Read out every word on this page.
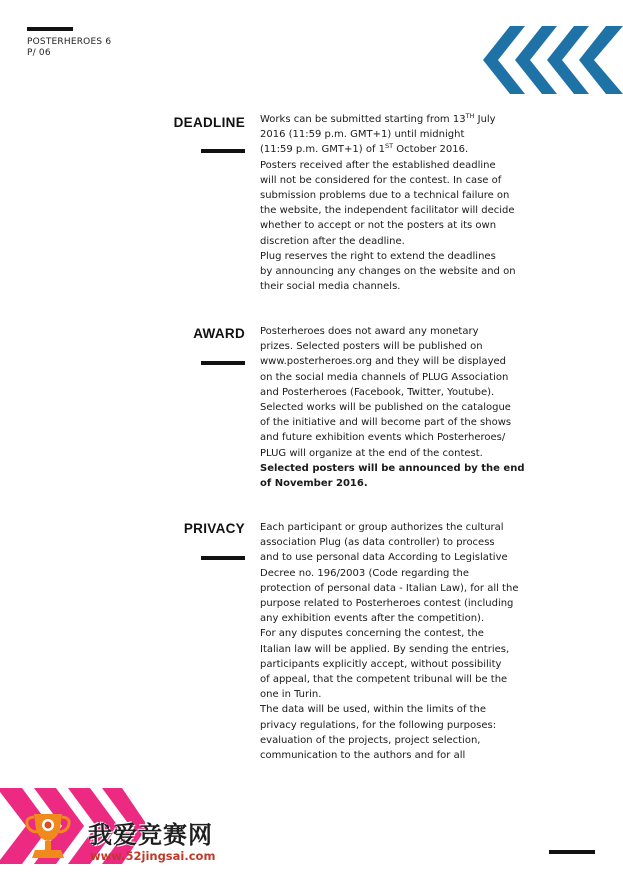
POSTERHEROES 6
P/ 06
DEADLINE Works can be submitted starting from 13TH July

2016 (11:59 p.m. GMT+1) until midnight

(11:59 p.m. GMT+1) of 1ST October 2016.

Posters received after the established deadline

will not be considered for the contest. In case of

submission problems due to a technical failure on

the website, the independent facilitator will decide

whether to accept or not the posters at its own

discretion after the deadline.

Plug reserves the right to extend the deadlines

by announcing any changes on the website and on

their social media channels.

AWARD Posterheroes does not award any monetary

prizes. Selected posters will be published on

www.posterheroes.org and they will be displayed

on the social media channels of PLUG Association

and Posterheroes (Facebook, Twitter, Youtube).

Selected works will be published on the catalogue

of the initiative and will become part of the shows

and future exhibition events which Posterheroes/

PLUG will organize at the end of the contest.

Selected posters will be announced by the end

of November 2016.

PRIVACY Each participant or group authorizes the cultural

association Plug (as data controller) to process

and to use personal data According to Legislative

Decree no. 196/2003 (Code regarding the

protection of personal data - Italian Law), for all the

purpose related to Posterheroes contest (including

any exhibition events after the competition).

For any disputes concerning the contest, the

Italian law will be applied. By sending the entries,

participants explicitly accept, without possibility

of appeal, that the competent tribunal will be the

one in Turin.

The data will be used, within the limits of the

privacy regulations, for the following purposes:

evaluation of the projects, project selection,

communication to the authors and for all

我爱竞赛网
www.52jingsai.com
